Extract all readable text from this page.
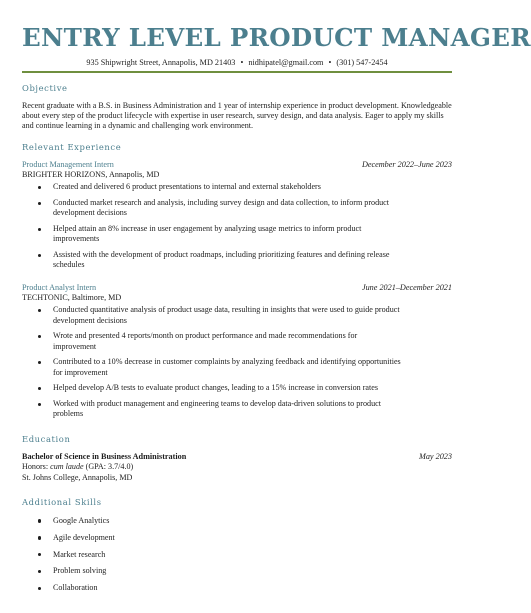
ENTRY LEVEL PRODUCT MANAGER
935 Shipwright Street, Annapolis, MD 21403 • nidhipatel@gmail.com • (301) 547-2454
Objective
Recent graduate with a B.S. in Business Administration and 1 year of internship experience in product development. Knowledgeable about every step of the product lifecycle with expertise in user research, survey design, and data analysis. Eager to apply my skills and continue learning in a dynamic and challenging work environment.
Relevant Experience
Product Management Intern	December 2022–June 2023
BRIGHTER HORIZONS, Annapolis, MD
Created and delivered 6 product presentations to internal and external stakeholders
Conducted market research and analysis, including survey design and data collection, to inform product development decisions
Helped attain an 8% increase in user engagement by analyzing usage metrics to inform product improvements
Assisted with the development of product roadmaps, including prioritizing features and defining release schedules
Product Analyst Intern	June 2021–December 2021
TECHTONIC, Baltimore, MD
Conducted quantitative analysis of product usage data, resulting in insights that were used to guide product development decisions
Wrote and presented 4 reports/month on product performance and made recommendations for improvement
Contributed to a 10% decrease in customer complaints by analyzing feedback and identifying opportunities for improvement
Helped develop A/B tests to evaluate product changes, leading to a 15% increase in conversion rates
Worked with product management and engineering teams to develop data-driven solutions to product problems
Education
Bachelor of Science in Business Administration	May 2023
Honors: cum laude (GPA: 3.7/4.0)
St. Johns College, Annapolis, MD
Additional Skills
Google Analytics
Agile development
Market research
Problem solving
Collaboration
